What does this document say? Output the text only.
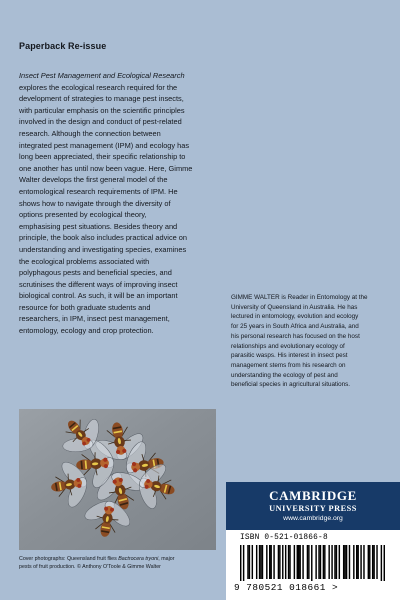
Paperback Re-issue
Insect Pest Management and Ecological Research
explores the ecological research required for the
development of strategies to manage pest insects,
with particular emphasis on the scientific principles
involved in the design and conduct of pest-related
research. Although the connection between
integrated pest management (IPM) and ecology has
long been appreciated, their specific relationship to
one another has until now been vague. Here, Gimme
Walter develops the first general model of the
entomological research requirements of IPM. He
shows how to navigate through the diversity of
options presented by ecological theory,
emphasising pest situations. Besides theory and
principle, the book also includes practical advice on
understanding and investigating species, examines
the ecological problems associated with
polyphagous pests and beneficial species, and
scrutinises the different ways of improving insect
biological control. As such, it will be an important
resource for both graduate students and
researchers, in IPM, insect pest management,
entomology, ecology and crop protection.
GIMME WALTER is Reader in Entomology at the
University of Queensland in Australia. He has
lectured in entomology, evolution and ecology
for 25 years in South Africa and Australia, and
his personal research has focused on the host
relationships and evolutionary ecology of
parasitic wasps. His interest in insect pest
management stems from his research on
understanding the ecology of pest and
beneficial species in agricultural situations.
Cover photographs: Queensland fruit flies Bactrocera tryoni, major
pests of fruit production. © Anthony O'Toole & Gimme Walter
CAMBRIDGE
UNIVERSITY PRESS
www.cambridge.org
ISBN 0-521-01866-8
9 780521 018661 >
